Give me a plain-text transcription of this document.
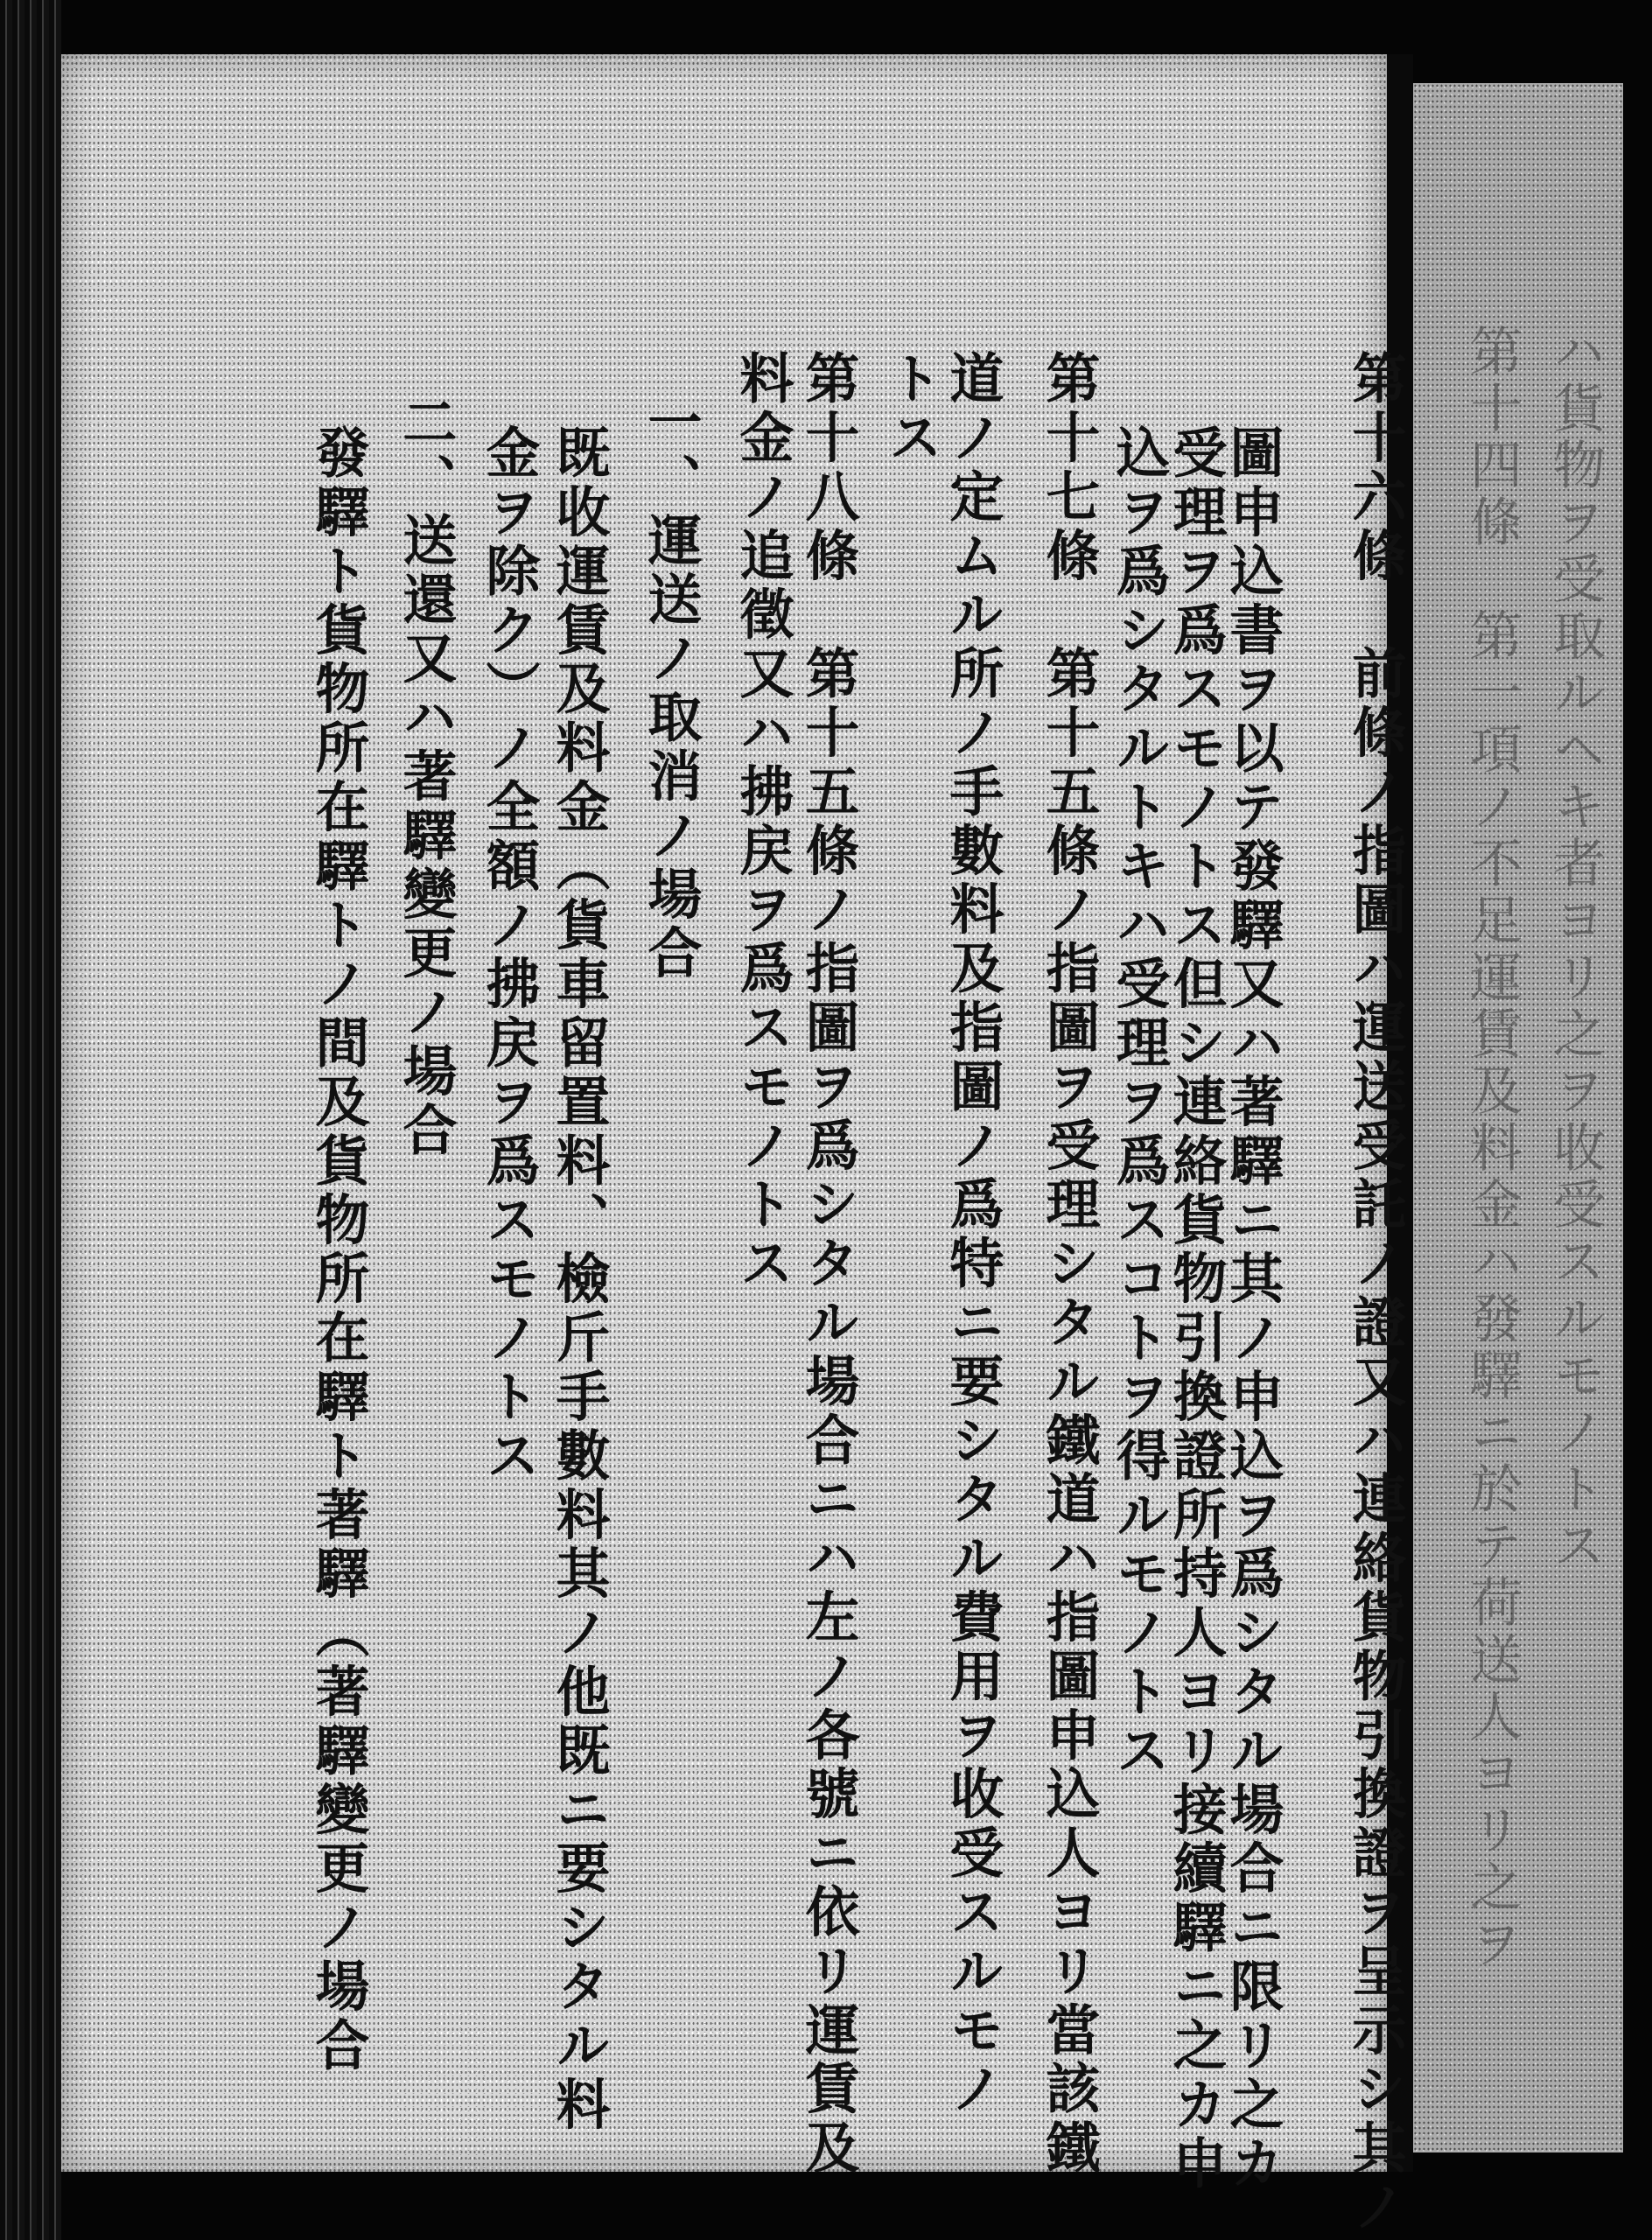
ハ貨物ヲ受取ルヘキ者ヨリ之ヲ收受スルモノトス
第十四條　第一項ノ不足運賃及料金ハ發驛ニ於テ荷送人ヨリ之ヲ
第十六條　前條ノ指圖ハ運送受託ノ證又ハ連絡貨物引換證ヲ呈示シ其ノ
圖申込書ヲ以テ發驛又ハ著驛ニ其ノ申込ヲ爲シタル場合ニ限リ之カ
受理ヲ爲スモノトス但シ連絡貨物引換證所持人ヨリ接續驛ニ之カ申
込ヲ爲シタルトキハ受理ヲ爲スコトヲ得ルモノトス
第十七條　第十五條ノ指圖ヲ受理シタル鐵道ハ指圖申込人ヨリ當該鐵
道ノ定ムル所ノ手數料及指圖ノ爲特ニ要シタル費用ヲ收受スルモノ
トス
第十八條　第十五條ノ指圖ヲ爲シタル場合ニハ左ノ各號ニ依リ運賃及
料金ノ追徵又ハ拂戻ヲ爲スモノトス
一、運送ノ取消ノ場合
既收運賃及料金（貨車留置料、檢斤手數料其ノ他既ニ要シタル料
金ヲ除ク）ノ全額ノ拂戻ヲ爲スモノトス
二、送還又ハ著驛變更ノ場合
發驛ト貨物所在驛トノ間及貨物所在驛ト著驛（著驛變更ノ場合
